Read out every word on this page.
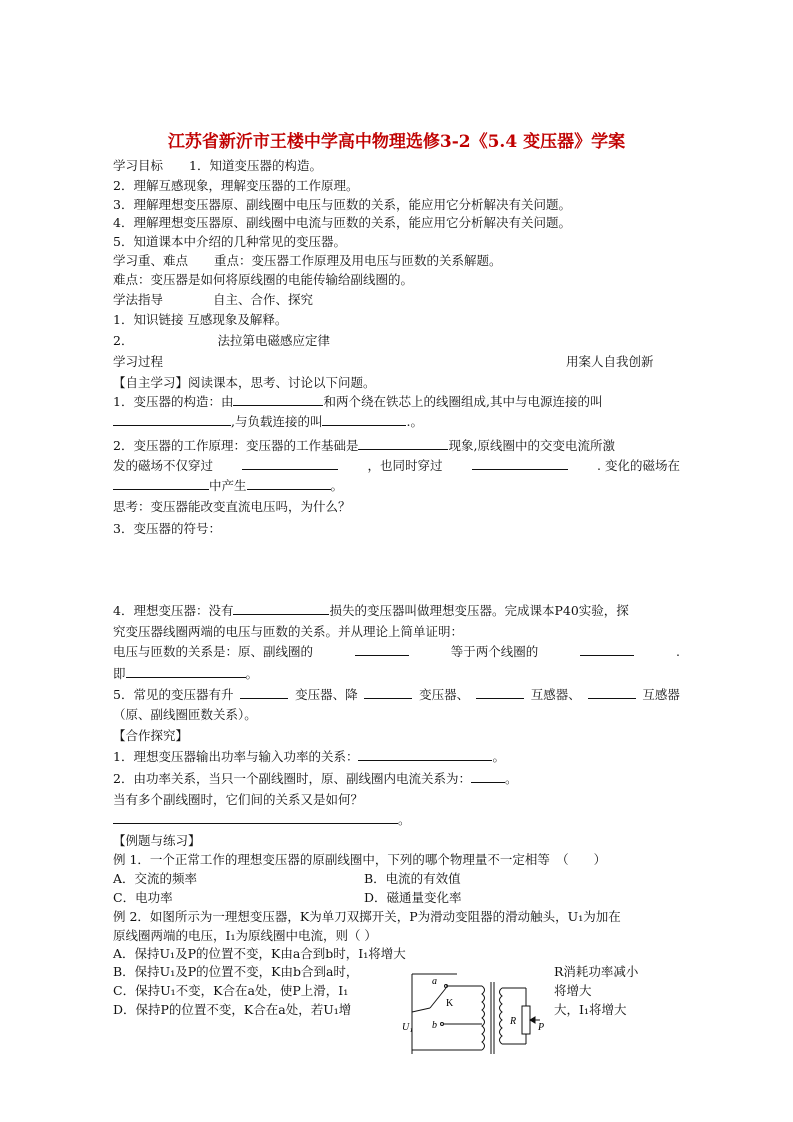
江苏省新沂市王楼中学高中物理选修3-2《5.4 变压器》学案
学习目标 1．知道变压器的构造。
2．理解互感现象，理解变压器的工作原理。
3．理解理想变压器原、副线圈中电压与匝数的关系，能应用它分析解决有关问题。
4．理解理想变压器原、副线圈中电流与匝数的关系，能应用它分析解决有关问题。
5．知道课本中介绍的几种常见的变压器。
学习重、难点 重点：变压器工作原理及用电压与匝数的关系解题。
难点：变压器是如何将原线圈的电能传输给副线圈的。
学法指导	自主、合作、探究
1．知识链接 互感现象及解释。
2．	法拉第电磁感应定律
学习过程	用案人自我创新
【自主学习】阅读课本，思考、讨论以下问题。
1．变压器的构造：由	和两个绕在铁芯上的线圈组成,其中与电源连接的叫
,与负载连接的叫	.。
2．变压器的工作原理：变压器的工作基础是	现象,原线圈中的交变电流所激
发的磁场不仅穿过	，也同时穿过	. 变化的磁场在
中产生	。
思考：变压器能改变直流电压吗，为什么？
3．变压器的符号：
4．理想变压器：没有	损失的变压器叫做理想变压器。完成课本P40实验，探
究变压器线圈两端的电压与匝数的关系。并从理论上简单证明：
电压与匝数的关系是：原、副线圈的	等于两个线圈的	.
即	。
5．常见的变压器有升	变压器、降	变压器、	互感器、	互感器
（原、副线圈匝数关系）。
【合作探究】
1．理想变压器输出功率与输入功率的关系：	。
2．由功率关系，当只一个副线圈时，原、副线圈内电流关系为：	。
当有多个副线圈时，它们间的关系又是如何？
。
【例题与练习】
例 1．一个正常工作的理想变压器的原副线圈中，下列的哪个物理量不一定相等　（　　）
A．交流的频率	B．电流的有效值
C．电功率	D．磁通量变化率
例 2．如图所示为一理想变压器，K为单刀双掷开关，P为滑动变阻器的滑动触头，U₁为加在
原线圈两端的电压，I₁为原线圈中电流，则（ ）
A．保持U₁及P的位置不变，K由a合到b时，I₁将增大
B．保持U₁及P的位置不变，K由b合到a时，	R消耗功率减小
C．保持U₁不变，K合在a处，使P上滑，I₁	将增大
D．保持P的位置不变，K合在a处，若U₁增	大，I₁将增大
a
b
K
R
P
U₁
